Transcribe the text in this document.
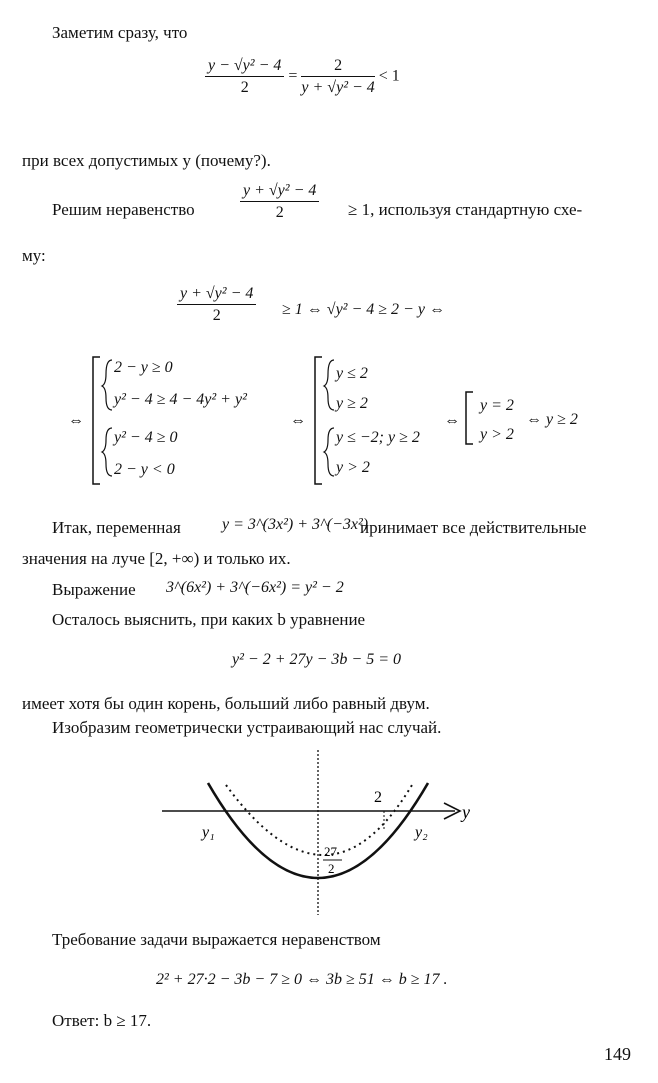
Заметим сразу, что
$\frac{\text{y − √y² − 4}}{2} = \frac{2}{\text{y + √y² − 4}} < 1$
при всех допустимых y (почему?).
Решим неравенство	$\frac{\text{y + √y² − 4}}{2} \ge 1$, используя стандартную схе-
му:
$\frac{\text{y + √y² − 4}}{2} \ge 1$ ⇔ √y² − 4 ≥ 2 − y ⇔
⇔
2 − y ≥ 0
y² − 4 ≥ 4 − 4y² + y²
y² − 4 ≥ 0
2 − y < 0
⇔
y ≤ 2
y ≥ 2
y ≤ −2; y ≥ 2
y > 2
⇔
y = 2
y > 2
⇔ y ≥ 2
Итак, переменная	y = 3^(3x²) + 3^(−3x²)
принимает все действительные
значения на луче [2, +∞) и только их.
Выражение 3^(6x²) + 3^(−6x²) = y² − 2
Осталось выяснить, при каких b уравнение
y² − 2 + 27y − 3b − 5 = 0
имеет хотя бы один корень, больший либо равный двум.
Изобразим геометрически устраивающий нас случай.
y
y₁	y₂
2
27
2
Требование задачи выражается неравенством
2² + 27·2 − 3b − 7 ≥ 0 ⇔ 3b ≥ 51 ⇔ b ≥ 17 .
Ответ: b ≥ 17.
149
